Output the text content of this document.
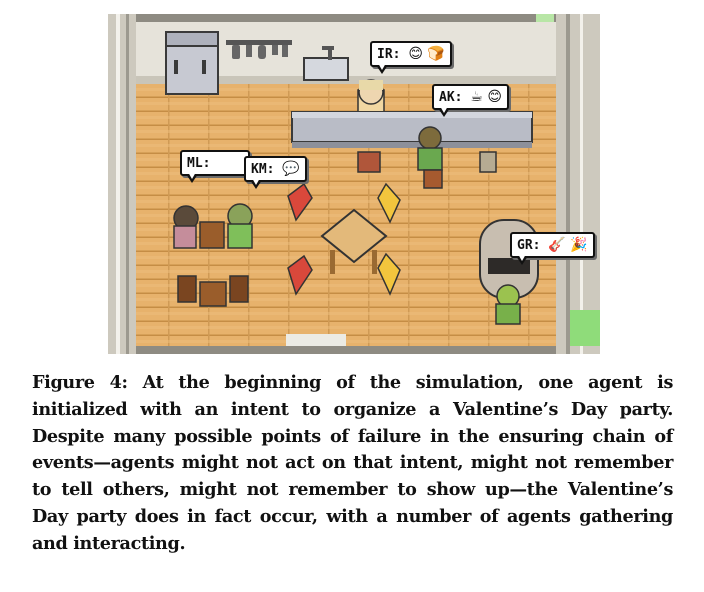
IR: 😊 🍞
AK: ☕ 😊
ML:	KM: 💬
GR: 🎸 🎉

Figure 4: At the beginning of the simulation, one agent is initialized with an intent to organize a Valentine’s Day party. Despite many possible points of failure in the ensuring chain of events—agents might not act on that intent, might not remember to tell others, might not remember to show up—the Valentine’s Day party does in fact occur, with a number of agents gathering and interacting.
